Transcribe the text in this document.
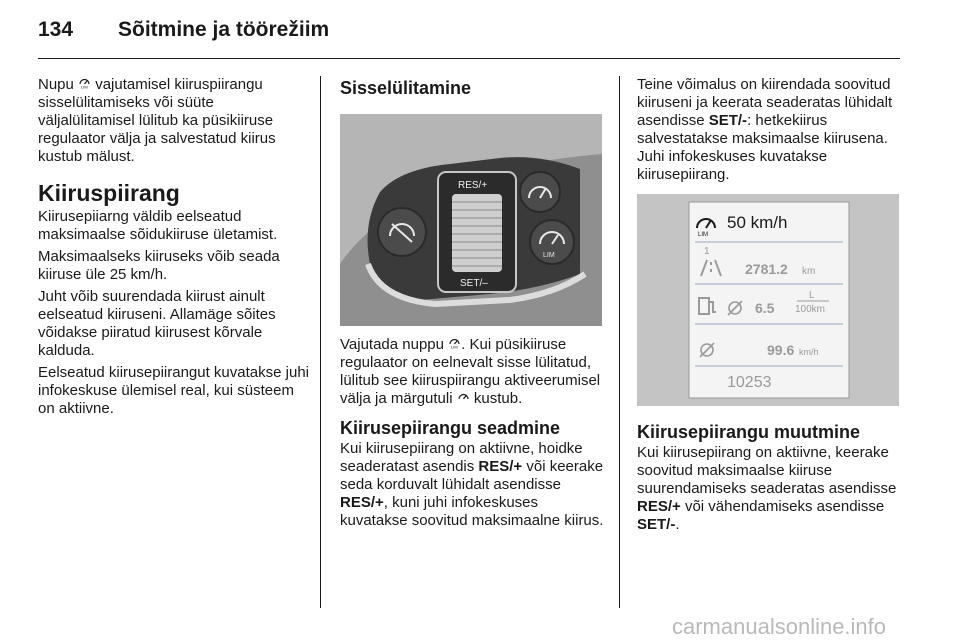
134 Sõitmine ja töörežiim

Nupu LIM vajutamisel kiiruspiirangu sisselülitamiseks või süüte väljalülitamisel lülitub ka püsikiiruse regulaator välja ja salvestatud kiirus kustub mälust.

Kiiruspiirang

Kiirusepiiarng väldib eelseatud maksimaalse sõidukiiruse ületamist.

Maksimaalseks kiiruseks võib seada kiiruse üle 25 km/h.

Juht võib suurendada kiirust ainult eelseatud kiiruseni. Allamäge sõites võidakse piiratud kiirusest kõrvale kalduda.

Eelseatud kiirusepiirangut kuvatakse juhi infokeskuse ülemisel real, kui süsteem on aktiivne.

Sisselülitamine
RES/+
SET/–
LIM

Vajutada nuppu LIM . Kui püsikiiruse regulaator on eelnevalt sisse lülitatud, lülitub see kiiruspiirangu aktiveerumisel välja ja märgutuli  kustub.

Kiirusepiirangu seadmine

Kui kiirusepiirang on aktiivne, hoidke seaderatast asendis RES/+ või keerake seda korduvalt lühidalt asendisse RES/+, kuni juhi infokeskuses kuvatakse soovitud maksimaalne kiirus.

Teine võimalus on kiirendada soovitud kiiruseni ja keerata seaderatas lühidalt asendisse SET/-: hetkekiirus salvestatakse maksimaalse kiirusena. Juhi infokeskuses kuvatakse kiirusepiirang.

LIM
50 km/h
1
2781.2 km
6.5
L
100km
99.6 km/h
10253
Kiirusepiirangu muutmine

Kui kiirusepiirang on aktiivne, keerake soovitud maksimaalse kiiruse suurendamiseks seaderatas asendisse RES/+ või vähendamiseks asendisse SET/-.

carmanualsonline.info
